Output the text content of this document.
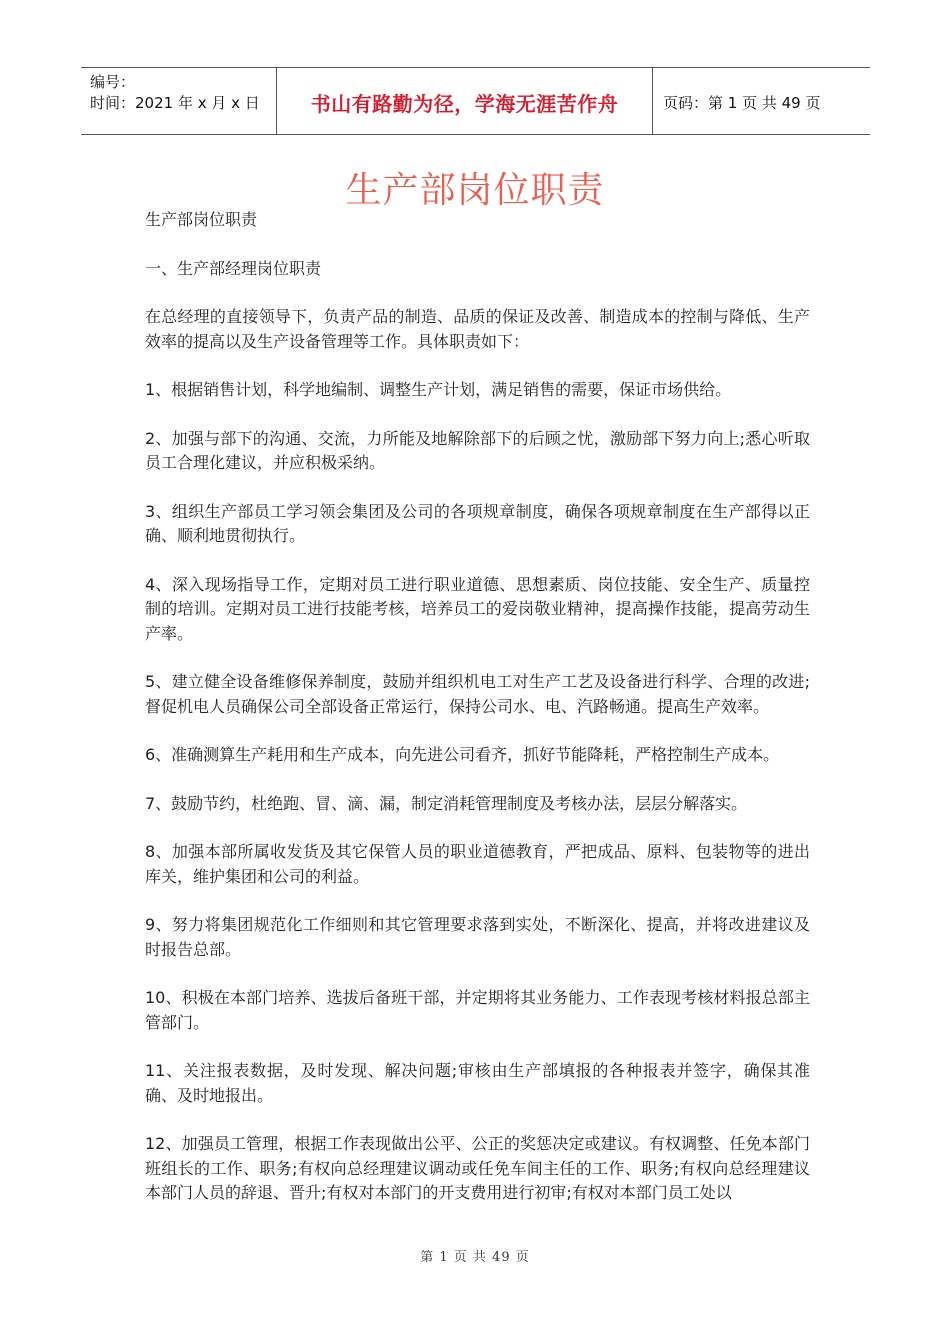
编号：
时间：2021 年 x 月 x 日	书山有路勤为径，学海无涯苦作舟	页码：第 1 页 共 49 页
生产部岗位职责

生产部岗位职责

一、生产部经理岗位职责

在总经理的直接领导下，负责产品的制造、品质的保证及改善、制造成本的控制与降低、生产效率的提高以及生产设备管理等工作。具体职责如下：

1、根据销售计划，科学地编制、调整生产计划，满足销售的需要，保证市场供给。

2、加强与部下的沟通、交流，力所能及地解除部下的后顾之忧，激励部下努力向上;悉心听取员工合理化建议，并应积极采纳。

3、组织生产部员工学习领会集团及公司的各项规章制度，确保各项规章制度在生产部得以正确、顺利地贯彻执行。

4、深入现场指导工作，定期对员工进行职业道德、思想素质、岗位技能、安全生产、质量控制的培训。定期对员工进行技能考核，培养员工的爱岗敬业精神，提高操作技能，提高劳动生产率。

5、建立健全设备维修保养制度，鼓励并组织机电工对生产工艺及设备进行科学、合理的改进;督促机电人员确保公司全部设备正常运行，保持公司水、电、汽路畅通。提高生产效率。

6、准确测算生产耗用和生产成本，向先进公司看齐，抓好节能降耗，严格控制生产成本。

7、鼓励节约，杜绝跑、冒、滴、漏，制定消耗管理制度及考核办法，层层分解落实。

8、加强本部所属收发货及其它保管人员的职业道德教育，严把成品、原料、包装物等的进出库关，维护集团和公司的利益。

9、努力将集团规范化工作细则和其它管理要求落到实处，不断深化、提高，并将改进建议及时报告总部。

10、积极在本部门培养、选拔后备班干部，并定期将其业务能力、工作表现考核材料报总部主管部门。

11、关注报表数据，及时发现、解决问题;审核由生产部填报的各种报表并签字，确保其准确、及时地报出。

12、加强员工管理，根据工作表现做出公平、公正的奖惩决定或建议。有权调整、任免本部门班组长的工作、职务;有权向总经理建议调动或任免车间主任的工作、职务;有权向总经理建议本部门人员的辞退、晋升;有权对本部门的开支费用进行初审;有权对本部门员工处以

第 1 页 共 49 页
